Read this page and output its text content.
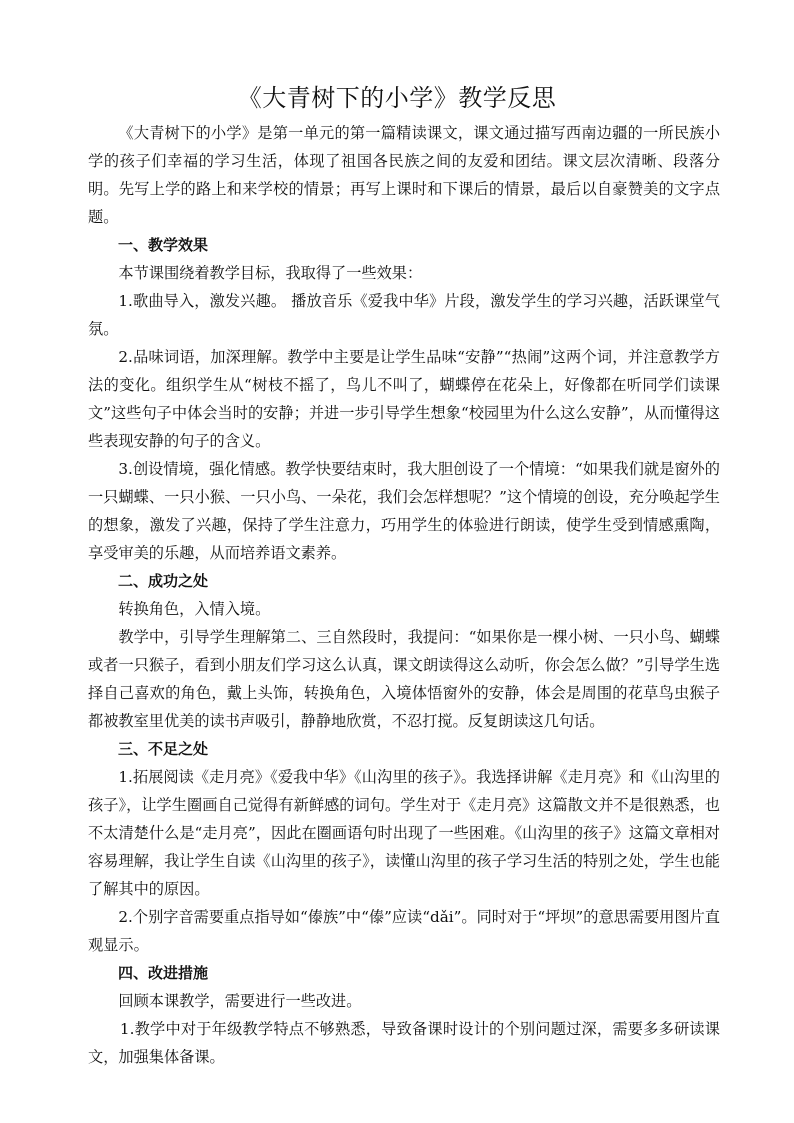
《大青树下的小学》教学反思

《大青树下的小学》是第一单元的第一篇精读课文，课文通过描写西南边疆的一所民族小学的孩子们幸福的学习生活，体现了祖国各民族之间的友爱和团结。课文层次清晰、段落分明。先写上学的路上和来学校的情景；再写上课时和下课后的情景，最后以自豪赞美的文字点题。

一、教学效果

本节课围绕着教学目标，我取得了一些效果：

1.歌曲导入，激发兴趣。 播放音乐《爱我中华》片段，激发学生的学习兴趣，活跃课堂气氛。

2.品味词语，加深理解。教学中主要是让学生品味“安静”“热闹”这两个词，并注意教学方法的变化。组织学生从“树枝不摇了，鸟儿不叫了，蝴蝶停在花朵上，好像都在听同学们读课文”这些句子中体会当时的安静；并进一步引导学生想象“校园里为什么这么安静”，从而懂得这些表现安静的句子的含义。

3.创设情境，强化情感。教学快要结束时，我大胆创设了一个情境：“如果我们就是窗外的一只蝴蝶、一只小猴、一只小鸟、一朵花，我们会怎样想呢？”这个情境的创设，充分唤起学生的想象，激发了兴趣，保持了学生注意力，巧用学生的体验进行朗读，使学生受到情感熏陶，享受审美的乐趣，从而培养语文素养。

二、成功之处

转换角色，入情入境。

教学中，引导学生理解第二、三自然段时，我提问：“如果你是一棵小树、一只小鸟、蝴蝶或者一只猴子，看到小朋友们学习这么认真，课文朗读得这么动听，你会怎么做？”引导学生选择自己喜欢的角色，戴上头饰，转换角色，入境体悟窗外的安静，体会是周围的花草鸟虫猴子都被教室里优美的读书声吸引，静静地欣赏，不忍打搅。反复朗读这几句话。

三、不足之处

1.拓展阅读《走月亮》《爱我中华》《山沟里的孩子》。我选择讲解《走月亮》和《山沟里的孩子》，让学生圈画自己觉得有新鲜感的词句。学生对于《走月亮》这篇散文并不是很熟悉，也不太清楚什么是“走月亮”，因此在圈画语句时出现了一些困难。《山沟里的孩子》这篇文章相对容易理解，我让学生自读《山沟里的孩子》，读懂山沟里的孩子学习生活的特别之处，学生也能了解其中的原因。

2.个别字音需要重点指导如“傣族”中“傣”应读“dǎi”。同时对于“坪坝”的意思需要用图片直观显示。

四、改进措施

回顾本课教学，需要进行一些改进。

1.教学中对于年级教学特点不够熟悉，导致备课时设计的个别问题过深，需要多多研读课文，加强集体备课。
